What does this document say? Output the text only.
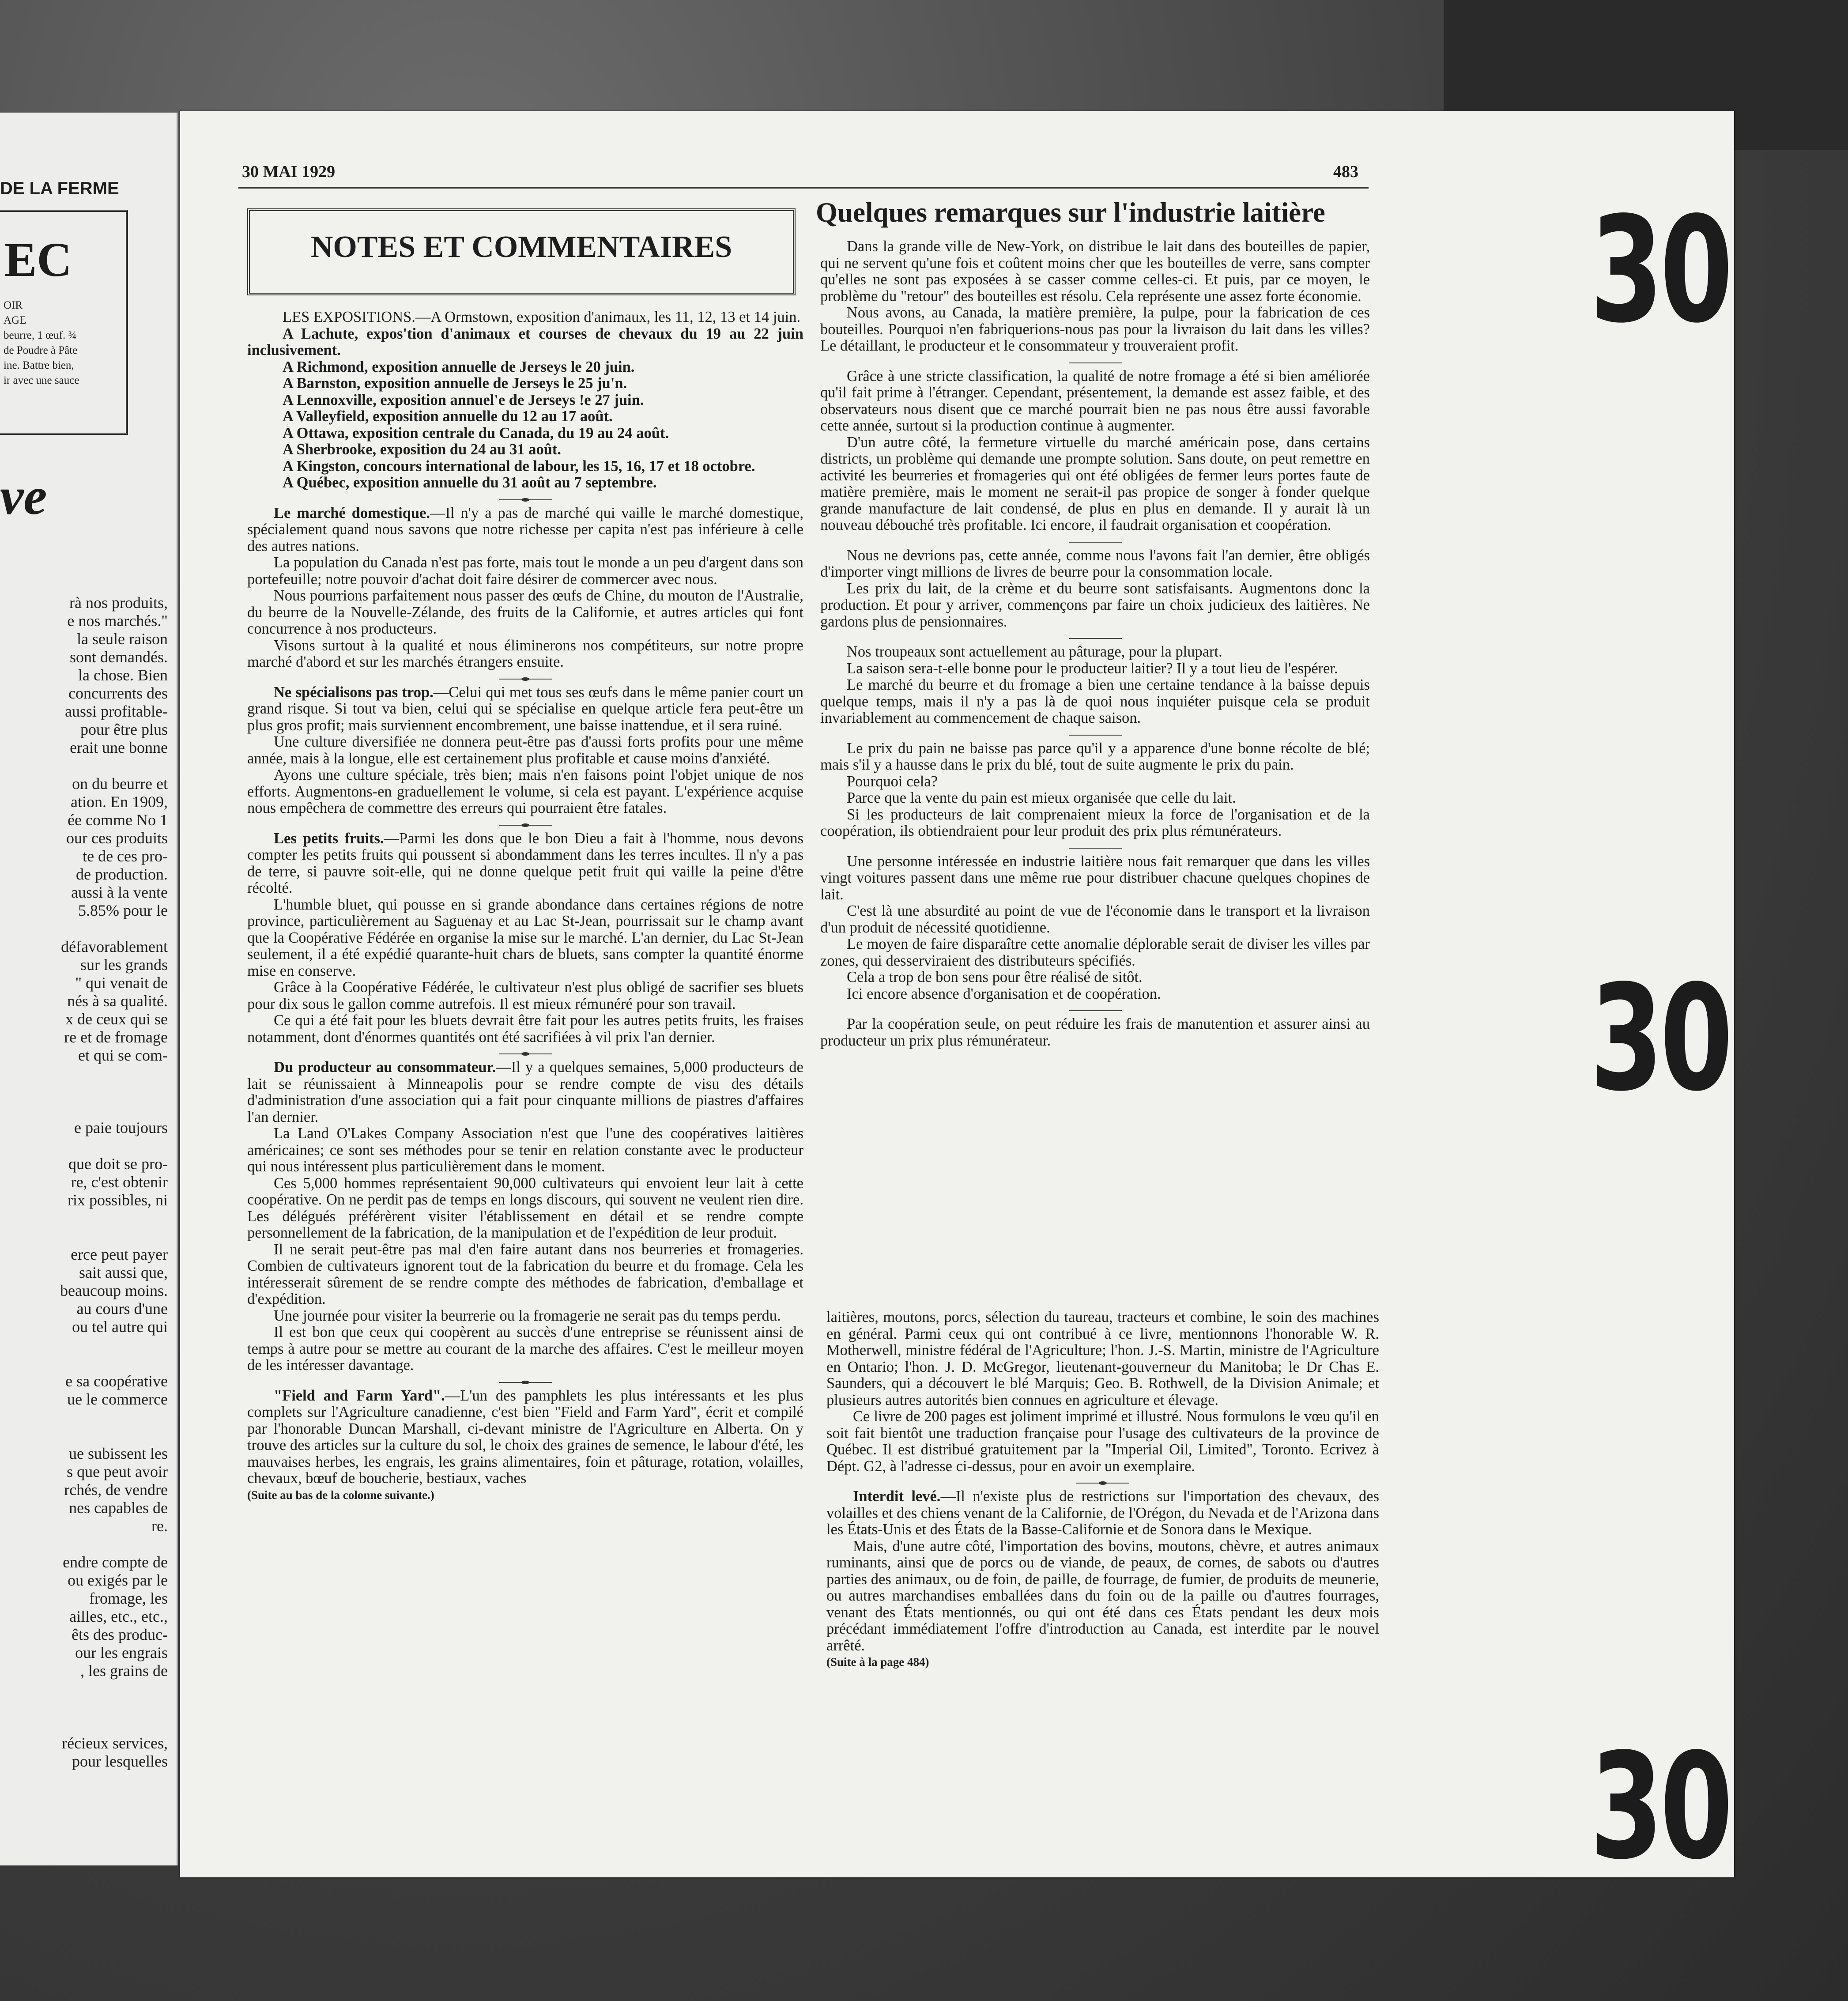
DE LA FERME
EC
OIR
AGE
beurre, 1 œuf. ¾
de Poudre à Pâte
ine. Battre bien,
ir avec une sauce
ve
rà nos produits,
e nos marchés."
la seule raison
sont demandés.
la chose. Bien
concurrents des
aussi profitable-
pour être plus
erait une bonne

on du beurre et
ation. En 1909,
ée comme No 1
our ces produits
te de ces pro-
de production.
aussi à la vente
5.85% pour le

défavorablement
sur les grands
" qui venait de
nés à sa qualité.
x de ceux qui se
re et de fromage
et qui se com-

e paie toujours

que doit se pro-
re, c'est obtenir
rix possibles, ni

erce peut payer
sait aussi que,
beaucoup moins.
au cours d'une
ou tel autre qui

e sa coopérative
ue le commerce

ue subissent les
s que peut avoir
rchés, de vendre
nes capables de
re.

endre compte de
ou exigés par le
fromage, les
ailles, etc., etc.,
êts des produc-
our les engrais
, les grains de

récieux services,
pour lesquelles
30 MAI 1929	483
NOTES ET COMMENTAIRES

LES EXPOSITIONS.—A Ormstown, exposition d'animaux, les 11, 12, 13 et 14 juin.

A Lachute, expos'tion d'animaux et courses de chevaux du 19 au 22 juin inclusivement.

A Richmond, exposition annuelle de Jerseys le 20 juin.

A Barnston, exposition annuelle de Jerseys le 25 ju'n.

A Lennoxville, exposition annuel'e de Jerseys !e 27 juin.

A Valleyfield, exposition annuelle du 12 au 17 août.

A Ottawa, exposition centrale du Canada, du 19 au 24 août.

A Sherbrooke, exposition du 24 au 31 août.

A Kingston, concours international de labour, les 15, 16, 17 et 18 octobre.

A Québec, exposition annuelle du 31 août au 7 septembre.

Le marché domestique.—Il n'y a pas de marché qui vaille le marché domestique, spécialement quand nous savons que notre richesse per capita n'est pas inférieure à celle des autres nations.

La population du Canada n'est pas forte, mais tout le monde a un peu d'argent dans son portefeuille; notre pouvoir d'achat doit faire désirer de commercer avec nous.

Nous pourrions parfaitement nous passer des œufs de Chine, du mouton de l'Australie, du beurre de la Nouvelle-Zélande, des fruits de la Californie, et autres articles qui font concurrence à nos producteurs.

Visons surtout à la qualité et nous éliminerons nos compétiteurs, sur notre propre marché d'abord et sur les marchés étrangers ensuite.

Ne spécialisons pas trop.—Celui qui met tous ses œufs dans le même panier court un grand risque. Si tout va bien, celui qui se spécialise en quelque article fera peut-être un plus gros profit; mais surviennent encombrement, une baisse inattendue, et il sera ruiné.

Une culture diversifiée ne donnera peut-être pas d'aussi forts profits pour une même année, mais à la longue, elle est certainement plus profitable et cause moins d'anxiété.

Ayons une culture spéciale, très bien; mais n'en faisons point l'objet unique de nos efforts. Augmentons-en graduellement le volume, si cela est payant. L'expérience acquise nous empêchera de commettre des erreurs qui pourraient être fatales.

Les petits fruits.—Parmi les dons que le bon Dieu a fait à l'homme, nous devons compter les petits fruits qui poussent si abondamment dans les terres incultes. Il n'y a pas de terre, si pauvre soit-elle, qui ne donne quelque petit fruit qui vaille la peine d'être récolté.

L'humble bluet, qui pousse en si grande abondance dans certaines régions de notre province, particulièrement au Saguenay et au Lac St-Jean, pourrissait sur le champ avant que la Coopérative Fédérée en organise la mise sur le marché. L'an dernier, du Lac St-Jean seulement, il a été expédié quarante-huit chars de bluets, sans compter la quantité énorme mise en conserve.

Grâce à la Coopérative Fédérée, le cultivateur n'est plus obligé de sacrifier ses bluets pour dix sous le gallon comme autrefois. Il est mieux rémunéré pour son travail.

Ce qui a été fait pour les bluets devrait être fait pour les autres petits fruits, les fraises notamment, dont d'énormes quantités ont été sacrifiées à vil prix l'an dernier.

Du producteur au consommateur.—Il y a quelques semaines, 5,000 producteurs de lait se réunissaient à Minneapolis pour se rendre compte de visu des détails d'administration d'une association qui a fait pour cinquante millions de piastres d'affaires l'an dernier.

La Land O'Lakes Company Association n'est que l'une des coopératives laitières américaines; ce sont ses méthodes pour se tenir en relation constante avec le producteur qui nous intéressent plus particulièrement dans le moment.

Ces 5,000 hommes représentaient 90,000 cultivateurs qui envoient leur lait à cette coopérative. On ne perdit pas de temps en longs discours, qui souvent ne veulent rien dire. Les délégués préférèrent visiter l'établissement en détail et se rendre compte personnellement de la fabrication, de la manipulation et de l'expédition de leur produit.

Il ne serait peut-être pas mal d'en faire autant dans nos beurreries et fromageries. Combien de cultivateurs ignorent tout de la fabrication du beurre et du fromage. Cela les intéresserait sûrement de se rendre compte des méthodes de fabrication, d'emballage et d'expédition.

Une journée pour visiter la beurrerie ou la fromagerie ne serait pas du temps perdu.

Il est bon que ceux qui coopèrent au succès d'une entreprise se réunissent ainsi de temps à autre pour se mettre au courant de la marche des affaires. C'est le meilleur moyen de les intéresser davantage.

"Field and Farm Yard".—L'un des pamphlets les plus intéressants et les plus complets sur l'Agriculture canadienne, c'est bien "Field and Farm Yard", écrit et compilé par l'honorable Duncan Marshall, ci-devant ministre de l'Agriculture en Alberta. On y trouve des articles sur la culture du sol, le choix des graines de semence, le labour d'été, les mauvaises herbes, les engrais, les grains alimentaires, foin et pâturage, rotation, volailles, chevaux, bœuf de boucherie, bestiaux, vaches

(Suite au bas de la colonne suivante.)

Quelques remarques sur l'industrie laitière

Dans la grande ville de New-York, on distribue le lait dans des bouteilles de papier, qui ne servent qu'une fois et coûtent moins cher que les bouteilles de verre, sans compter qu'elles ne sont pas exposées à se casser comme celles-ci. Et puis, par ce moyen, le problème du "retour" des bouteilles est résolu. Cela représente une assez forte économie.

Nous avons, au Canada, la matière première, la pulpe, pour la fabrication de ces bouteilles. Pourquoi n'en fabriquerions-nous pas pour la livraison du lait dans les villes? Le détaillant, le producteur et le consommateur y trouveraient profit.

Grâce à une stricte classification, la qualité de notre fromage a été si bien améliorée qu'il fait prime à l'étranger. Cependant, présentement, la demande est assez faible, et des observateurs nous disent que ce marché pourrait bien ne pas nous être aussi favorable cette année, surtout si la production continue à augmenter.

D'un autre côté, la fermeture virtuelle du marché américain pose, dans certains districts, un problème qui demande une prompte solution. Sans doute, on peut remettre en activité les beurreries et fromageries qui ont été obligées de fermer leurs portes faute de matière première, mais le moment ne serait-il pas propice de songer à fonder quelque grande manufacture de lait condensé, de plus en plus en demande. Il y aurait là un nouveau débouché très profitable. Ici encore, il faudrait organisation et coopération.

Nous ne devrions pas, cette année, comme nous l'avons fait l'an dernier, être obligés d'importer vingt millions de livres de beurre pour la consommation locale.

Les prix du lait, de la crème et du beurre sont satisfaisants. Augmentons donc la production. Et pour y arriver, commençons par faire un choix judicieux des laitières. Ne gardons plus de pensionnaires.

Nos troupeaux sont actuellement au pâturage, pour la plupart.

La saison sera-t-elle bonne pour le producteur laitier? Il y a tout lieu de l'espérer.

Le marché du beurre et du fromage a bien une certaine tendance à la baisse depuis quelque temps, mais il n'y a pas là de quoi nous inquiéter puisque cela se produit invariablement au commencement de chaque saison.

Le prix du pain ne baisse pas parce qu'il y a apparence d'une bonne récolte de blé; mais s'il y a hausse dans le prix du blé, tout de suite augmente le prix du pain.

Pourquoi cela?

Parce que la vente du pain est mieux organisée que celle du lait.

Si les producteurs de lait comprenaient mieux la force de l'organisation et de la coopération, ils obtiendraient pour leur produit des prix plus rémunérateurs.

Une personne intéressée en industrie laitière nous fait remarquer que dans les villes vingt voitures passent dans une même rue pour distribuer chacune quelques chopines de lait.

C'est là une absurdité au point de vue de l'économie dans le transport et la livraison d'un produit de nécessité quotidienne.

Le moyen de faire disparaître cette anomalie déplorable serait de diviser les villes par zones, qui desserviraient des distributeurs spécifiés.

Cela a trop de bon sens pour être réalisé de sitôt.

Ici encore absence d'organisation et de coopération.

Par la coopération seule, on peut réduire les frais de manutention et assurer ainsi au producteur un prix plus rémunérateur.

laitières, moutons, porcs, sélection du taureau, tracteurs et combine, le soin des machines en général. Parmi ceux qui ont contribué à ce livre, mentionnons l'honorable W. R. Motherwell, ministre fédéral de l'Agriculture; l'hon. J.-S. Martin, ministre de l'Agriculture en Ontario; l'hon. J. D. McGregor, lieutenant-gouverneur du Manitoba; le Dr Chas E. Saunders, qui a découvert le blé Marquis; Geo. B. Rothwell, de la Division Animale; et plusieurs autres autorités bien connues en agriculture et élevage.

Ce livre de 200 pages est joliment imprimé et illustré. Nous formulons le vœu qu'il en soit fait bientôt une traduction française pour l'usage des cultivateurs de la province de Québec. Il est distribué gratuitement par la "Imperial Oil, Limited", Toronto. Ecrivez à Dépt. G2, à l'adresse ci-dessus, pour en avoir un exemplaire.

Interdit levé.—Il n'existe plus de restrictions sur l'importation des chevaux, des volailles et des chiens venant de la Californie, de l'Orégon, du Nevada et de l'Arizona dans les États-Unis et des États de la Basse-Californie et de Sonora dans le Mexique.

Mais, d'une autre côté, l'importation des bovins, moutons, chèvre, et autres animaux ruminants, ainsi que de porcs ou de viande, de peaux, de cornes, de sabots ou d'autres parties des animaux, ou de foin, de paille, de fourrage, de fumier, de produits de meunerie, ou autres marchandises emballées dans du foin ou de la paille ou d'autres fourrages, venant des États mentionnés, ou qui ont été dans ces États pendant les deux mois précédant immédiatement l'offre d'introduction au Canada, est interdite par le nouvel arrêté.

(Suite à la page 484)

30
30
30
